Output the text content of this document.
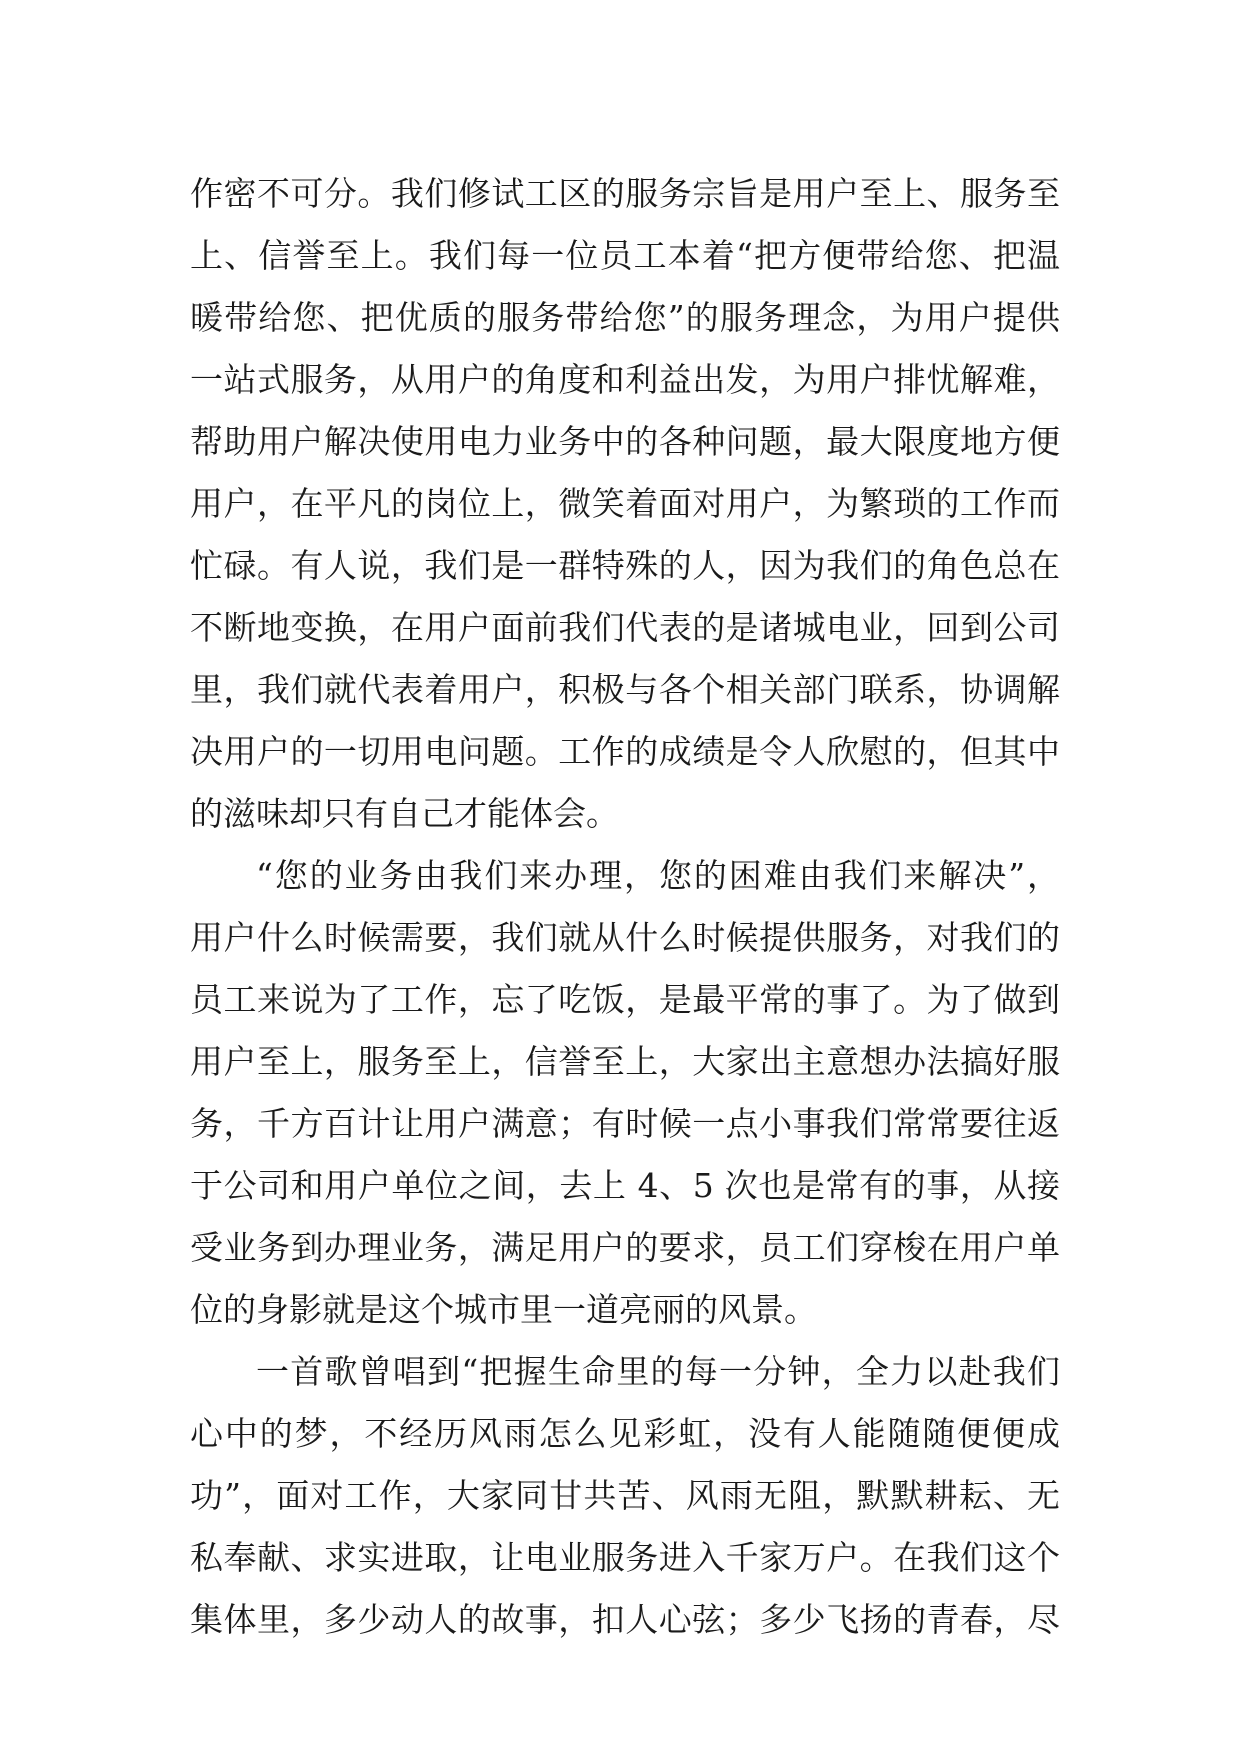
作密不可分。我们修试工区的服务宗旨是用户至上、服务至
上、信誉至上。我们每一位员工本着“把方便带给您、把温
暖带给您、把优质的服务带给您”的服务理念，为用户提供
一站式服务，从用户的角度和利益出发，为用户排忧解难，
帮助用户解决使用电力业务中的各种问题，最大限度地方便
用户，在平凡的岗位上，微笑着面对用户，为繁琐的工作而
忙碌。有人说，我们是一群特殊的人，因为我们的角色总在
不断地变换，在用户面前我们代表的是诸城电业，回到公司
里，我们就代表着用户，积极与各个相关部门联系，协调解
决用户的一切用电问题。工作的成绩是令人欣慰的，但其中
的滋味却只有自己才能体会。
“您的业务由我们来办理，您的困难由我们来解决”，
用户什么时候需要，我们就从什么时候提供服务，对我们的
员工来说为了工作，忘了吃饭，是最平常的事了。为了做到
用户至上，服务至上，信誉至上，大家出主意想办法搞好服
务，千方百计让用户满意；有时候一点小事我们常常要往返
于公司和用户单位之间，去上 4、5 次也是常有的事，从接
受业务到办理业务，满足用户的要求，员工们穿梭在用户单
位的身影就是这个城市里一道亮丽的风景。
一首歌曾唱到“把握生命里的每一分钟，全力以赴我们
心中的梦，不经历风雨怎么见彩虹，没有人能随随便便成
功”，面对工作，大家同甘共苦、风雨无阻，默默耕耘、无
私奉献、求实进取，让电业服务进入千家万户。在我们这个
集体里，多少动人的故事，扣人心弦；多少飞扬的青春，尽
